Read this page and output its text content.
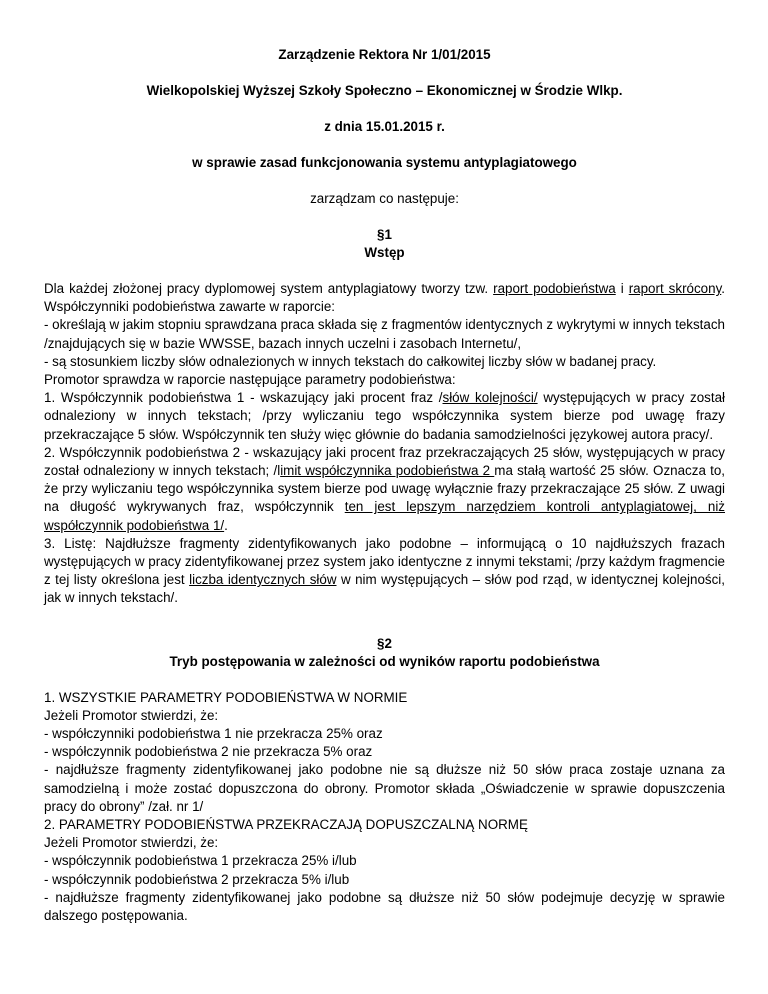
Zarządzenie Rektora Nr 1/01/2015

Wielkopolskiej Wyższej Szkoły Społeczno – Ekonomicznej w Środzie Wlkp.

z dnia 15.01.2015 r.

w sprawie zasad funkcjonowania systemu antyplagiatowego

zarządzam co następuje:

§1

Wstęp

Dla każdej złożonej pracy dyplomowej system antyplagiatowy tworzy tzw. raport podobieństwa i raport skrócony. Współczynniki podobieństwa zawarte w raporcie:

- określają w jakim stopniu sprawdzana praca składa się z fragmentów identycznych z wykrytymi w innych tekstach /znajdujących się w bazie WWSSE, bazach innych uczelni i zasobach Internetu/,

- są stosunkiem liczby słów odnalezionych w innych tekstach do całkowitej liczby słów w badanej pracy.

Promotor sprawdza w raporcie następujące parametry podobieństwa:

1. Współczynnik podobieństwa 1 - wskazujący jaki procent fraz /słów kolejności/ występujących w pracy został odnaleziony w innych tekstach; /przy wyliczaniu tego współczynnika system bierze pod uwagę frazy przekraczające 5 słów. Współczynnik ten służy więc głównie do badania samodzielności językowej autora pracy/.

2. Współczynnik podobieństwa 2 - wskazujący jaki procent fraz przekraczających 25 słów, występujących w pracy został odnaleziony w innych tekstach; /limit współczynnika podobieństwa 2 ma stałą wartość 25 słów. Oznacza to, że przy wyliczaniu tego współczynnika system bierze pod uwagę wyłącznie frazy przekraczające 25 słów. Z uwagi na długość wykrywanych fraz, współczynnik ten jest lepszym narzędziem kontroli antyplagiatowej, niż współczynnik podobieństwa 1/.

3. Listę: Najdłuższe fragmenty zidentyfikowanych jako podobne – informującą o 10 najdłuższych frazach występujących w pracy zidentyfikowanej przez system jako identyczne z innymi tekstami; /przy każdym fragmencie z tej listy określona jest liczba identycznych słów w nim występujących – słów pod rząd, w identycznej kolejności, jak w innych tekstach/.

§2

Tryb postępowania w zależności od wyników raportu podobieństwa

1. WSZYSTKIE PARAMETRY PODOBIEŃSTWA W NORMIE

Jeżeli Promotor stwierdzi, że:

- współczynniki podobieństwa 1 nie przekracza 25% oraz

- współczynnik podobieństwa 2 nie przekracza 5% oraz

- najdłuższe fragmenty zidentyfikowanej jako podobne nie są dłuższe niż 50 słów praca zostaje uznana za samodzielną i może zostać dopuszczona do obrony. Promotor składa „Oświadczenie w sprawie dopuszczenia pracy do obrony” /zał. nr 1/

2. PARAMETRY PODOBIEŃSTWA PRZEKRACZAJĄ DOPUSZCZALNĄ NORMĘ

Jeżeli Promotor stwierdzi, że:

- współczynnik podobieństwa 1 przekracza 25% i/lub

- współczynnik podobieństwa 2 przekracza 5% i/lub

- najdłuższe fragmenty zidentyfikowanej jako podobne są dłuższe niż 50 słów podejmuje decyzję w sprawie dalszego postępowania.
